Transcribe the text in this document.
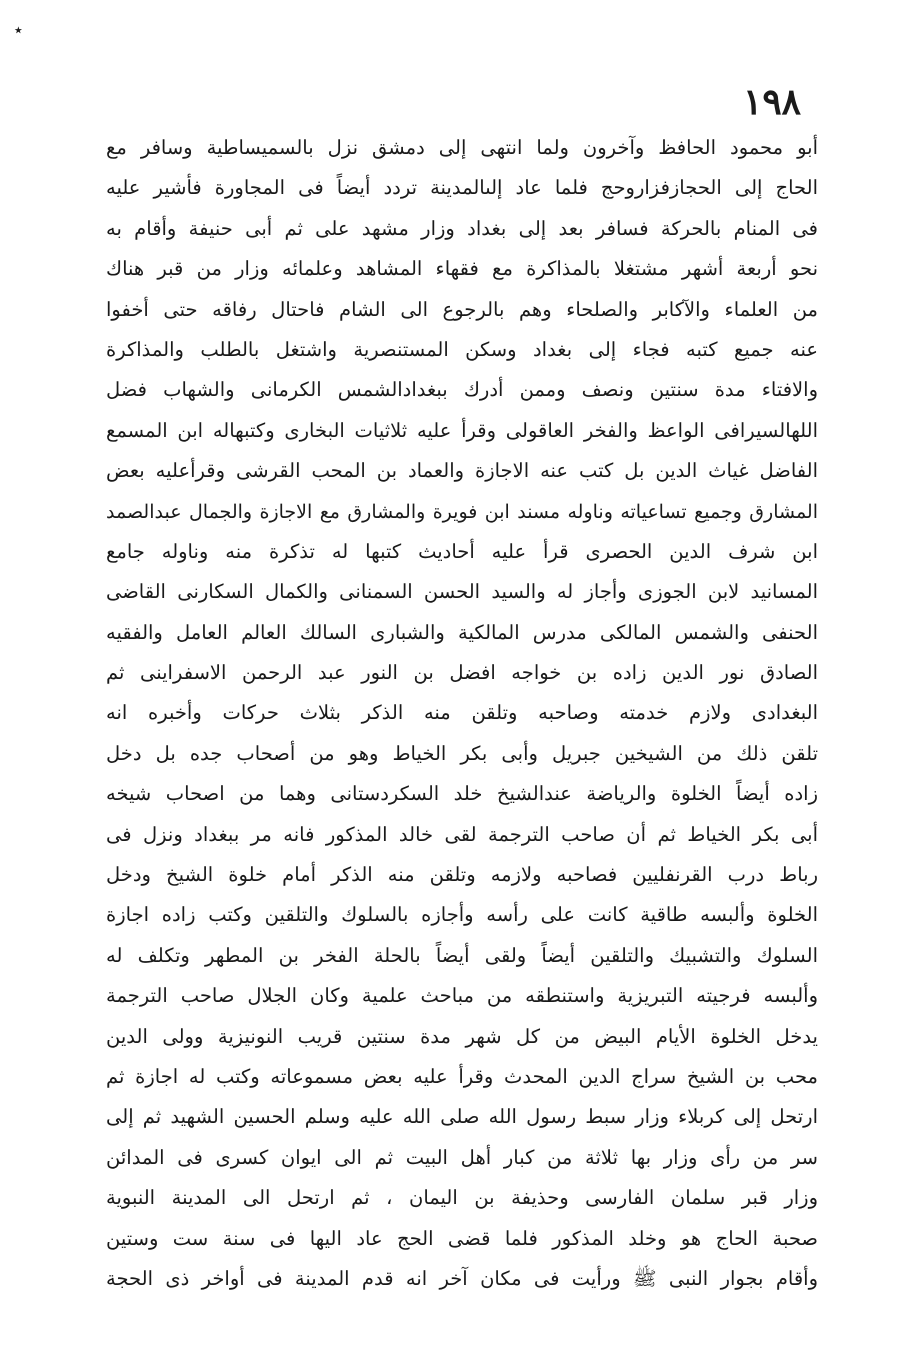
٭
١٩٨
أبو محمود الحافظ وآخرون ولما انتهى إلى دمشق نزل بالسميساطية وسافر مع
الحاج إلى الحجازفزاروحج فلما عاد إلىالمدينة تردد أيضاً فى المجاورة فأشير عليه
فى المنام بالحركة فسافر بعد إلى بغداد وزار مشهد على ثم أبى حنيفة وأقام به
نحو أربعة أشهر مشتغلا بالمذاكرة مع فقهاء المشاهد وعلمائه وزار من قبر هناك
من العلماء والآكابر والصلحاء وهم بالرجوع الى الشام فاحتال رفاقه حتى أخفوا
عنه جميع كتبه فجاء إلى بغداد وسكن المستنصرية واشتغل بالطلب والمذاكرة
والافتاء مدة سنتين ونصف وممن أدرك ببغدادالشمس الكرمانى والشهاب فضل
اللهالسيرافى الواعظ والفخر العاقولى وقرأ عليه ثلاثيات البخارى وكتبهاله ابن المسمع
الفاضل غياث الدين بل كتب عنه الاجازة والعماد بن المحب القرشى وقرأعليه بعض
المشارق وجميع تساعياته وناوله مسند ابن فويرة والمشارق مع الاجازة والجمال عبدالصمد
ابن شرف الدين الحصرى قرأ عليه أحاديث كتبها له تذكرة منه وناوله جامع
المسانيد لابن الجوزى وأجاز له والسيد الحسن السمنانى والكمال السكارنى القاضى
الحنفى والشمس المالكى مدرس المالكية والشبارى السالك العالم العامل والفقيه
الصادق نور الدين زاده بن خواجه افضل بن النور عبد الرحمن الاسفراينى ثم
البغدادى ولازم خدمته وصاحبه وتلقن منه الذكر بثلاث حركات وأخبره انه
تلقن ذلك من الشيخين جبريل وأبى بكر الخياط وهو من أصحاب جده بل دخل
زاده أيضاً الخلوة والرياضة عندالشيخ خلد السكردستانى وهما من اصحاب شيخه
أبى بكر الخياط ثم أن صاحب الترجمة لقى خالد المذكور فانه مر ببغداد ونزل فى
رباط درب القرنفليين فصاحبه ولازمه وتلقن منه الذكر أمام خلوة الشيخ ودخل
الخلوة وألبسه طاقية كانت على رأسه وأجازه بالسلوك والتلقين وكتب زاده اجازة
السلوك والتشبيك والتلقين أيضاً ولقى أيضاً بالحلة الفخر بن المطهر وتكلف له
وألبسه فرجيته التبريزية واستنطقه من مباحث علمية وكان الجلال صاحب الترجمة
يدخل الخلوة الأيام البيض من كل شهر مدة سنتين قريب النونيزية وولى الدين
محب بن الشيخ سراج الدين المحدث وقرأ عليه بعض مسموعاته وكتب له اجازة ثم
ارتحل إلى كربلاء وزار سبط رسول الله صلى الله عليه وسلم الحسين الشهيد ثم إلى
سر من رأى وزار بها ثلاثة من كبار أهل البيت ثم الى ايوان كسرى فى المدائن
وزار قبر سلمان الفارسى وحذيفة بن اليمان ، ثم ارتحل الى المدينة النبوية
صحبة الحاج هو وخلد المذكور فلما قضى الحج عاد اليها فى سنة ست وستين
وأقام بجوار النبى ﷺ ورأيت فى مكان آخر انه قدم المدينة فى أواخر ذى الحجة
